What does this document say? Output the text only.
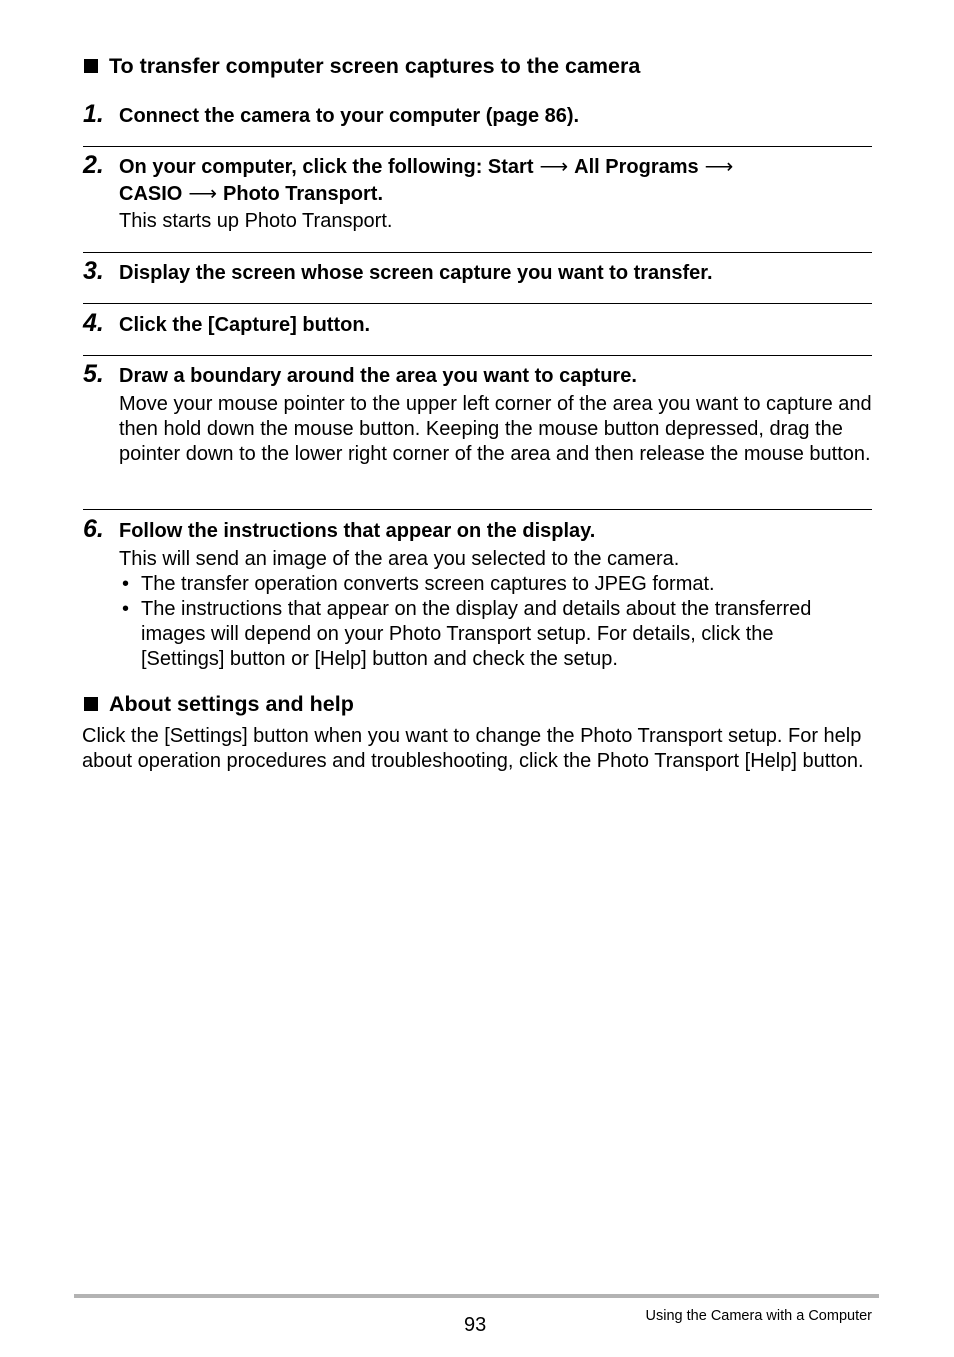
To transfer computer screen captures to the camera
1. Connect the camera to your computer (page 86).
2. On your computer, click the following: Start ⟶ All Programs ⟶
CASIO ⟶ Photo Transport.
This starts up Photo Transport.
3. Display the screen whose screen capture you want to transfer.
4. Click the [Capture] button.
5. Draw a boundary around the area you want to capture.
Move your mouse pointer to the upper left corner of the area you want to capture and then hold down the mouse button. Keeping the mouse button depressed, drag the pointer down to the lower right corner of the area and then release the mouse button.
6. Follow the instructions that appear on the display.
This will send an image of the area you selected to the camera.
• The transfer operation converts screen captures to JPEG format.
• The instructions that appear on the display and details about the transferred images will depend on your Photo Transport setup. For details, click the [Settings] button or [Help] button and check the setup.
About settings and help
Click the [Settings] button when you want to change the Photo Transport setup. For help about operation procedures and troubleshooting, click the Photo Transport [Help] button.
93	Using the Camera with a Computer
